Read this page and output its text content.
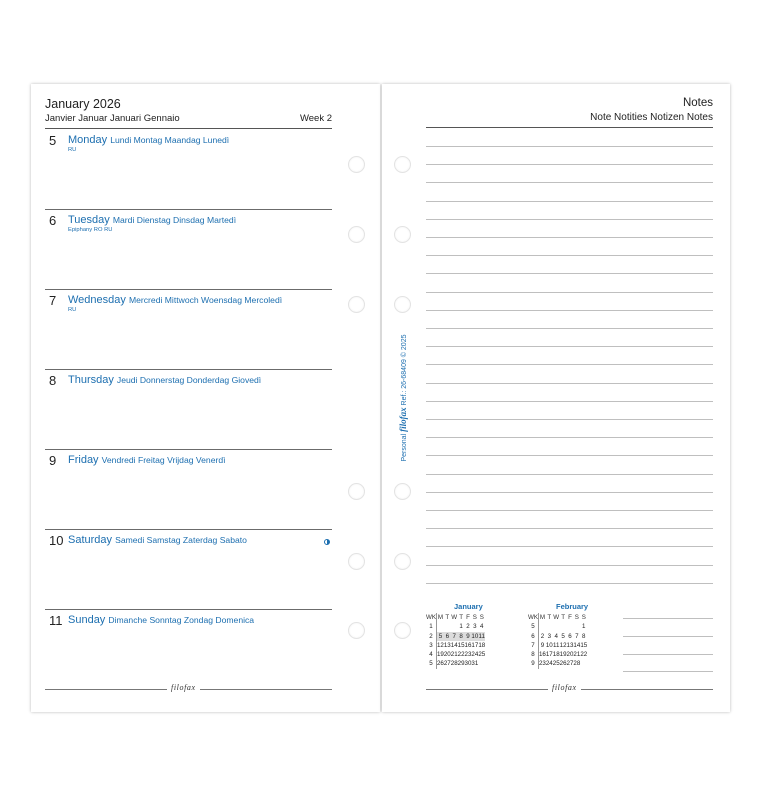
January 2026
Janvier Januar Januari Gennaio	Week 2
5 Monday Lundi Montag Maandag Lunedì
RU
6 Tuesday Mardi Dienstag Dinsdag Martedì
Epiphany RO RU
7 Wednesday Mercredi Mittwoch Woensdag Mercoledì
RU
8 Thursday Jeudi Donnerstag Donderdag Giovedì
9 Friday Vendredi Freitag Vrijdag Venerdì
10 Saturday Samedi Samstag Zaterdag Sabato
11 Sunday Dimanche Sonntag Zondag Domenica
filofax
Notes
Note Notities Notizen Notes
Personal filofax Ref.: 26-68409 © 2025
January
WK	M	T	W	T	F	S	S
1				1	2	3	4
2	5	6	7	8	9	10	11
3	12	13	14	15	16	17	18
4	19	20	21	22	23	24	25
5	26	27	28	29	30	31	
February
WK	M	T	W	T	F	S	S
5							1
6	2	3	4	5	6	7	8
7	9	10	11	12	13	14	15
8	16	17	18	19	20	21	22
9	23	24	25	26	27	28	
filofax
